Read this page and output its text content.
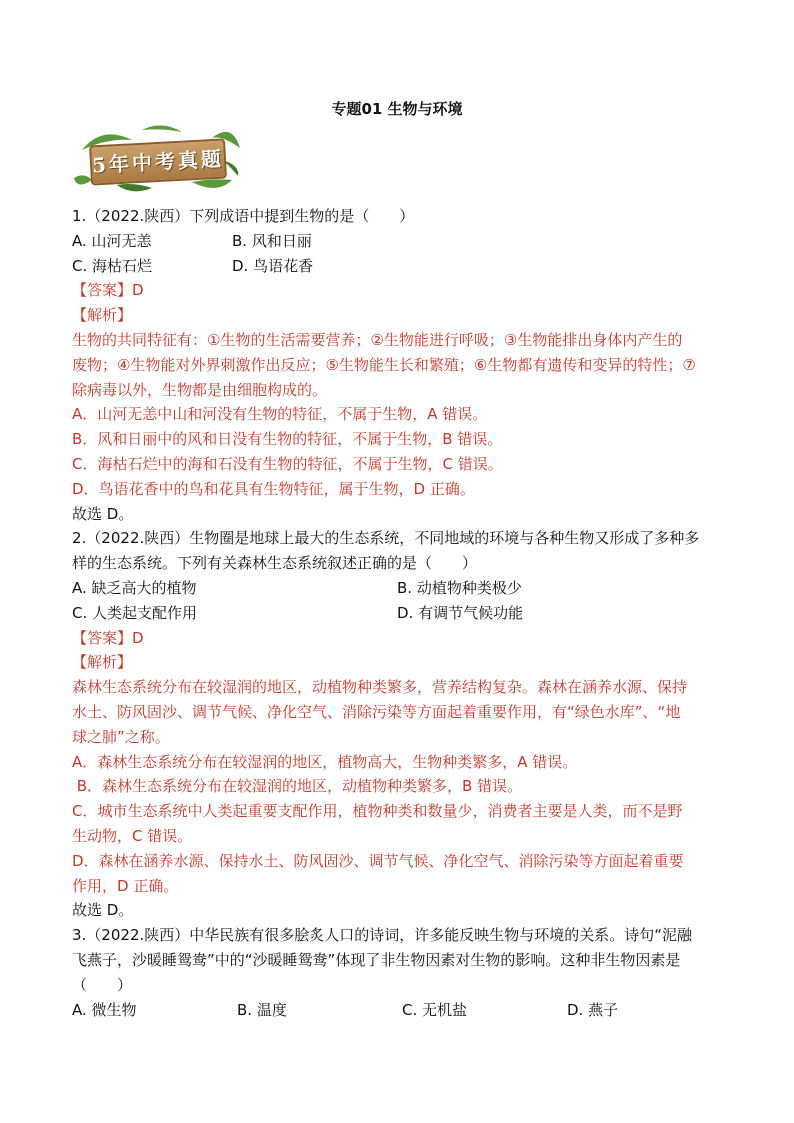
专题01 生物与环境
5年中考真题
1.（2022.陕西）下列成语中提到生物的是（　　）
A. 山河无恙	B. 风和日丽
C. 海枯石烂	D. 鸟语花香
【答案】D
【解析】
生物的共同特征有：①生物的生活需要营养；②生物能进行呼吸；③生物能排出身体内产生的
废物；④生物能对外界刺激作出反应；⑤生物能生长和繁殖；⑥生物都有遗传和变异的特性；⑦
除病毒以外，生物都是由细胞构成的。
A．山河无恙中山和河没有生物的特征，不属于生物，A 错误。
B．风和日丽中的风和日没有生物的特征，不属于生物，B 错误。
C．海枯石烂中的海和石没有生物的特征，不属于生物，C 错误。
D．鸟语花香中的鸟和花具有生物特征，属于生物，D 正确。
故选 D。
2.（2022.陕西）生物圈是地球上最大的生态系统，不同地域的环境与各种生物又形成了多种多
样的生态系统。下列有关森林生态系统叙述正确的是（　　）
A. 缺乏高大的植物	B. 动植物种类极少
C. 人类起支配作用	D. 有调节气候功能
【答案】D
【解析】
森林生态系统分布在较湿润的地区，动植物种类繁多，营养结构复杂。森林在涵养水源、保持
水土、防风固沙、调节气候、净化空气、消除污染等方面起着重要作用，有“绿色水库”、“地
球之肺”之称。
A．森林生态系统分布在较湿润的地区，植物高大，生物种类繁多，A 错误。
B．森林生态系统分布在较湿润的地区，动植物种类繁多，B 错误。
C．城市生态系统中人类起重要支配作用，植物种类和数量少，消费者主要是人类，而不是野
生动物，C 错误。
D．森林在涵养水源、保持水土、防风固沙、调节气候、净化空气、消除污染等方面起着重要
作用，D 正确。
故选 D。
3.（2022.陕西）中华民族有很多脍炙人口的诗词，许多能反映生物与环境的关系。诗句“泥融
飞燕子，沙暖睡鸳鸯”中的“沙暖睡鸳鸯”体现了非生物因素对生物的影响。这种非生物因素是
（　　）
A. 微生物	B. 温度	C. 无机盐	D. 燕子
